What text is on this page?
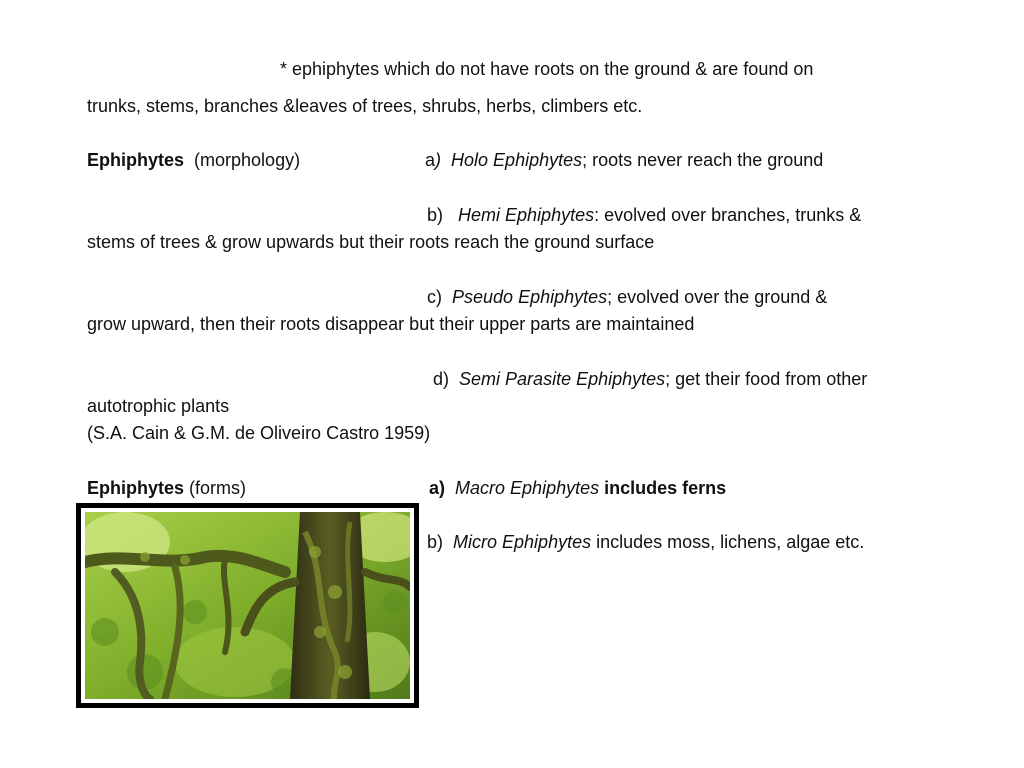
* ephiphytes which do not have roots on the ground & are found on
trunks, stems, branches &leaves of trees, shrubs, herbs, climbers etc.
Ephiphytes (morphology)	a) Holo Ephiphytes; roots never reach the ground
b) Hemi Ephiphytes: evolved over branches, trunks &
stems of trees & grow upwards but their roots reach the ground surface
c) Pseudo Ephiphytes; evolved over the ground &
grow upward, then their roots disappear but their upper parts are maintained
d) Semi Parasite Ephiphytes; get their food from other
autotrophic plants
(S.A. Cain & G.M. de Oliveiro Castro 1959)
Ephiphytes (forms)	a) Macro Ephiphytes includes ferns
b) Micro Ephiphytes includes moss, lichens, algae etc.
